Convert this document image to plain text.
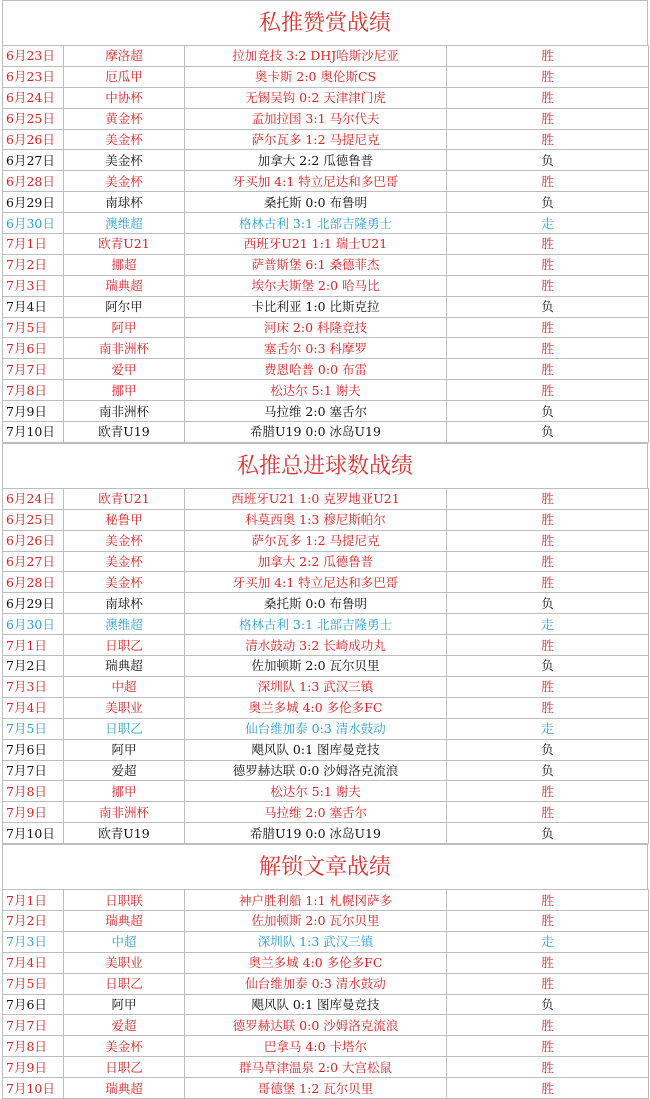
私推赞赏战绩
6月23日	摩洛超	拉加竞技 3:2 DHJ哈斯沙尼亚	胜
6月23日	厄瓜甲	奥卡斯 2:0 奥伦斯CS	胜
6月24日	中协杯	无锡吴钩 0:2 天津津门虎	胜
6月25日	黄金杯	孟加拉国 3:1 马尔代夫	胜
6月26日	美金杯	萨尔瓦多 1:2 马提尼克	胜
6月27日	美金杯	加拿大 2:2 瓜德鲁普	负
6月28日	美金杯	牙买加 4:1 特立尼达和多巴哥	胜
6月29日	南球杯	桑托斯 0:0 布鲁明	负
6月30日	澳维超	格林古利 3:1 北部吉隆勇士	走
7月1日	欧青U21	西班牙U21 1:1 瑞士U21	胜
7月2日	挪超	萨普斯堡 6:1 桑德菲杰	胜
7月3日	瑞典超	埃尔夫斯堡 2:0 哈马比	胜
7月4日	阿尔甲	卡比利亚 1:0 比斯克拉	负
7月5日	阿甲	河床 2:0 科隆竞技	胜
7月6日	南非洲杯	塞舌尔 0:3 科摩罗	胜
7月7日	爱甲	费恩哈普 0:0 布雷	胜
7月8日	挪甲	松达尔 5:1 谢夫	胜
7月9日	南非洲杯	马拉维 2:0 塞舌尔	负
7月10日	欧青U19	希腊U19 0:0 冰岛U19	负
私推总进球数战绩
6月24日	欧青U21	西班牙U21 1:0 克罗地亚U21	胜
6月25日	秘鲁甲	科莫西奥 1:3 穆尼斯帕尔	胜
6月26日	美金杯	萨尔瓦多 1:2 马提尼克	胜
6月27日	美金杯	加拿大 2:2 瓜德鲁普	胜
6月28日	美金杯	牙买加 4:1 特立尼达和多巴哥	胜
6月29日	南球杯	桑托斯 0:0 布鲁明	负
6月30日	澳维超	格林古利 3:1 北部吉隆勇士	走
7月1日	日职乙	清水鼓动 3:2 长崎成功丸	胜
7月2日	瑞典超	佐加顿斯 2:0 瓦尔贝里	负
7月3日	中超	深圳队 1:3 武汉三镇	胜
7月4日	美职业	奥兰多城 4:0 多伦多FC	胜
7月5日	日职乙	仙台维加泰 0:3 清水鼓动	走
7月6日	阿甲	飓风队 0:1 图库曼竞技	负
7月7日	爱超	德罗赫达联 0:0 沙姆洛克流浪	负
7月8日	挪甲	松达尔 5:1 谢夫	胜
7月9日	南非洲杯	马拉维 2:0 塞舌尔	胜
7月10日	欧青U19	希腊U19 0:0 冰岛U19	负
解锁文章战绩
7月1日	日职联	神户胜利船 1:1 札幌冈萨多	胜
7月2日	瑞典超	佐加顿斯 2:0 瓦尔贝里	胜
7月3日	中超	深圳队 1:3 武汉三镇	走
7月4日	美职业	奥兰多城 4:0 多伦多FC	胜
7月5日	日职乙	仙台维加泰 0:3 清水鼓动	胜
7月6日	阿甲	飓风队 0:1 图库曼竞技	负
7月7日	爱超	德罗赫达联 0:0 沙姆洛克流浪	胜
7月8日	美金杯	巴拿马 4:0 卡塔尔	胜
7月9日	日职乙	群马草津温泉 2:0 大宫松鼠	胜
7月10日	瑞典超	哥德堡 1:2 瓦尔贝里	胜
